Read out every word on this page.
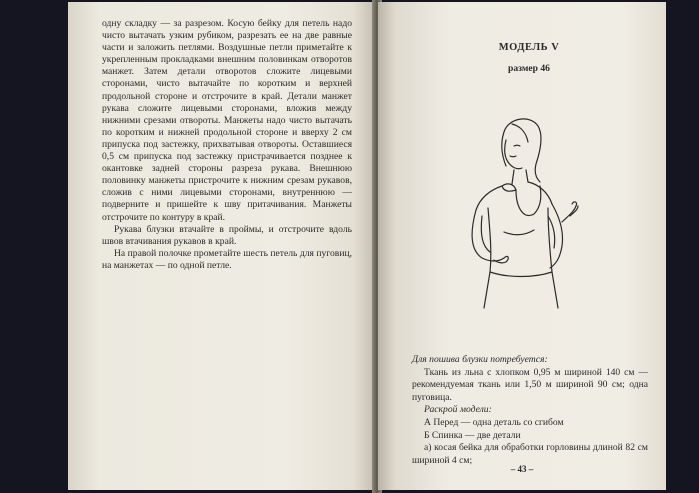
одну складку — за разрезом. Косую бейку для петель надо чисто вытачать узким рубиком, разрезать ее на две равные части и заложить петлями. Воздушные петли приметайте к укрепленным прокладками внешним половинкам отворотов манжет. Затем детали отворотов сложите лицевыми сторонами, чисто вытачайте по коротким и верхней продольной стороне и отстрочите в край. Детали манжет рукава сложите лицевыми сторонами, вложив между нижними срезами отвороты. Манжеты надо чисто вытачать по коротким и нижней продольной стороне и вверху 2 см припуска под застежку, прихватывая отвороты. Оставшиеся 0,5 см припуска под застежку пристрачивается позднее к окантовке задней стороны разреза рукава. Внешнюю половинку манжеты пристрочите к нижним срезам рукавов, сложив с ними лицевыми сторонами, внутреннюю — подверните и пришейте к шву притачивания. Манжеты отстрочите по контуру в край.

Рукава блузки втачайте в проймы, и отстрочите вдоль швов втачивания рукавов в край.

На правой полочке прометайте шесть петель для пуговиц, на манжетах — по одной петле.

МОДЕЛЬ V
размер 46

Для пошива блузки потребуется:

Ткань из льна с хлопком 0,95 м шириной 140 см — рекомендуемая ткань или 1,50 м шириной 90 см; одна пуговица.

Раскрой модели:

А Перед — одна деталь со сгибом

Б Спинка — две детали

а) косая бейка для обработки горловины длиной 82 см шириной 4 см;

– 43 –
